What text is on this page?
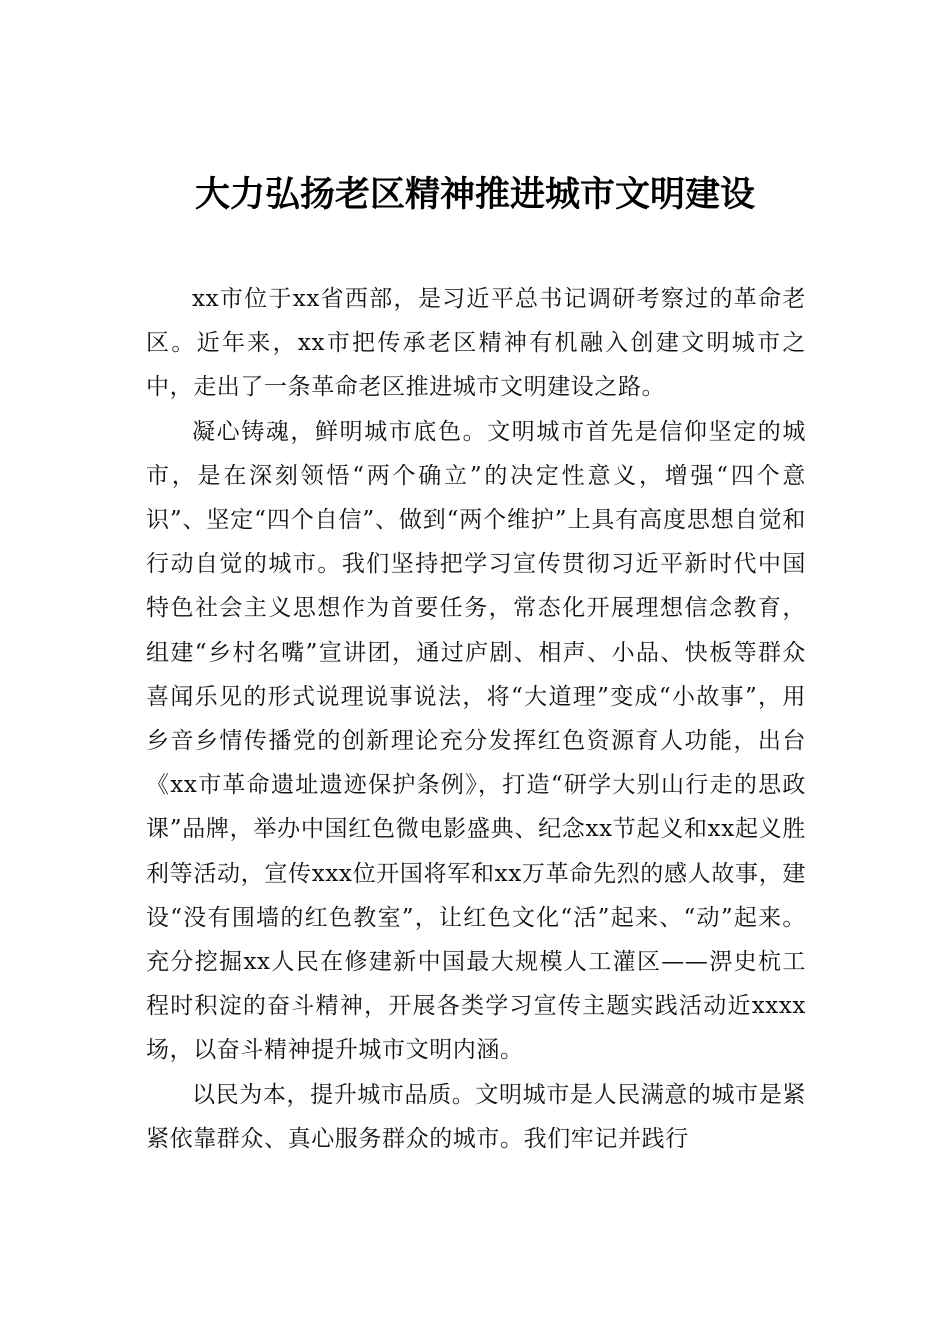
大力弘扬老区精神推进城市文明建设

xx市位于xx省西部，是习近平总书记调研考察过的革命老区。近年来，xx市把传承老区精神有机融入创建文明城市之中，走出了一条革命老区推进城市文明建设之路。

凝心铸魂，鲜明城市底色。文明城市首先是信仰坚定的城市，是在深刻领悟“两个确立”的决定性意义，增强“四个意识”、坚定“四个自信”、做到“两个维护”上具有高度思想自觉和行动自觉的城市。我们坚持把学习宣传贯彻习近平新时代中国特色社会主义思想作为首要任务，常态化开展理想信念教育，组建“乡村名嘴”宣讲团，通过庐剧、相声、小品、快板等群众喜闻乐见的形式说理说事说法，将“大道理”变成“小故事”，用乡音乡情传播党的创新理论充分发挥红色资源育人功能，出台《xx市革命遗址遗迹保护条例》，打造“研学大别山行走的思政课”品牌，举办中国红色微电影盛典、纪念xx节起义和xx起义胜利等活动，宣传xxx位开国将军和xx万革命先烈的感人故事，建设“没有围墙的红色教室”，让红色文化“活”起来、“动”起来。充分挖掘xx人民在修建新中国最大规模人工灌区——淠史杭工程时积淀的奋斗精神，开展各类学习宣传主题实践活动近xxxx场，以奋斗精神提升城市文明内涵。

以民为本，提升城市品质。文明城市是人民满意的城市是紧紧依靠群众、真心服务群众的城市。我们牢记并践行
